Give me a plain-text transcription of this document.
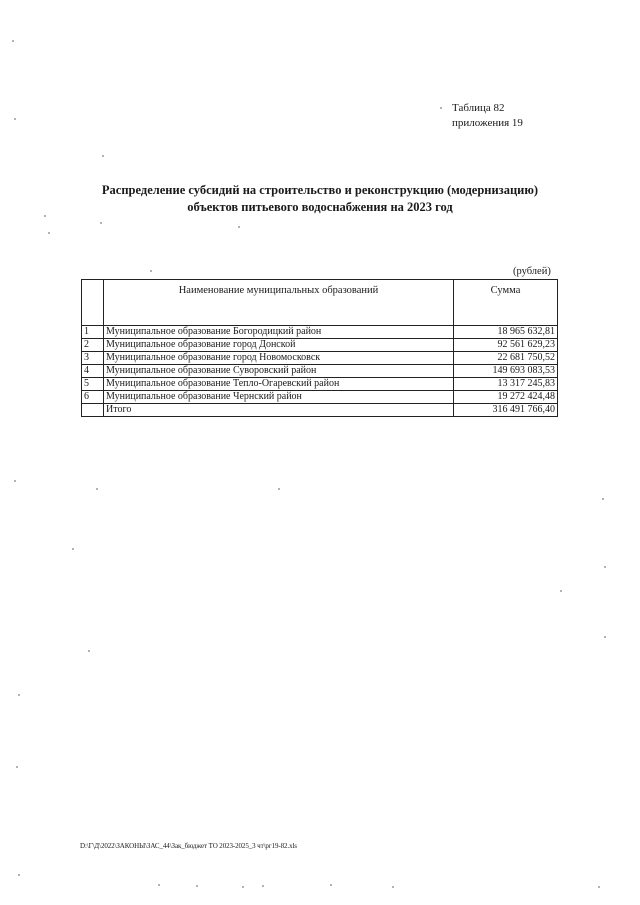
Таблица 82
приложения 19
Распределение субсидий на строительство и реконструкцию (модернизацию)
объектов питьевого водоснабжения на 2023 год
(рублей)
	Наименование муниципальных образований	Сумма
1	Муниципальное образование Богородицкий район	18 965 632,81
2	Муниципальное образование город Донской	92 561 629,23
3	Муниципальное образование город Новомосковск	22 681 750,52
4	Муниципальное образование Суворовский район	149 693 083,53
5	Муниципальное образование Тепло-Огаревский район	13 317 245,83
6	Муниципальное образование Чернский район	19 272 424,48
	Итого	316 491 766,40
D:\Г\Д\2022\ЗАКОНЫ\ЗАС_44\Зак_бюджет ТО 2023-2025_3 чт\рг19-82.xls
